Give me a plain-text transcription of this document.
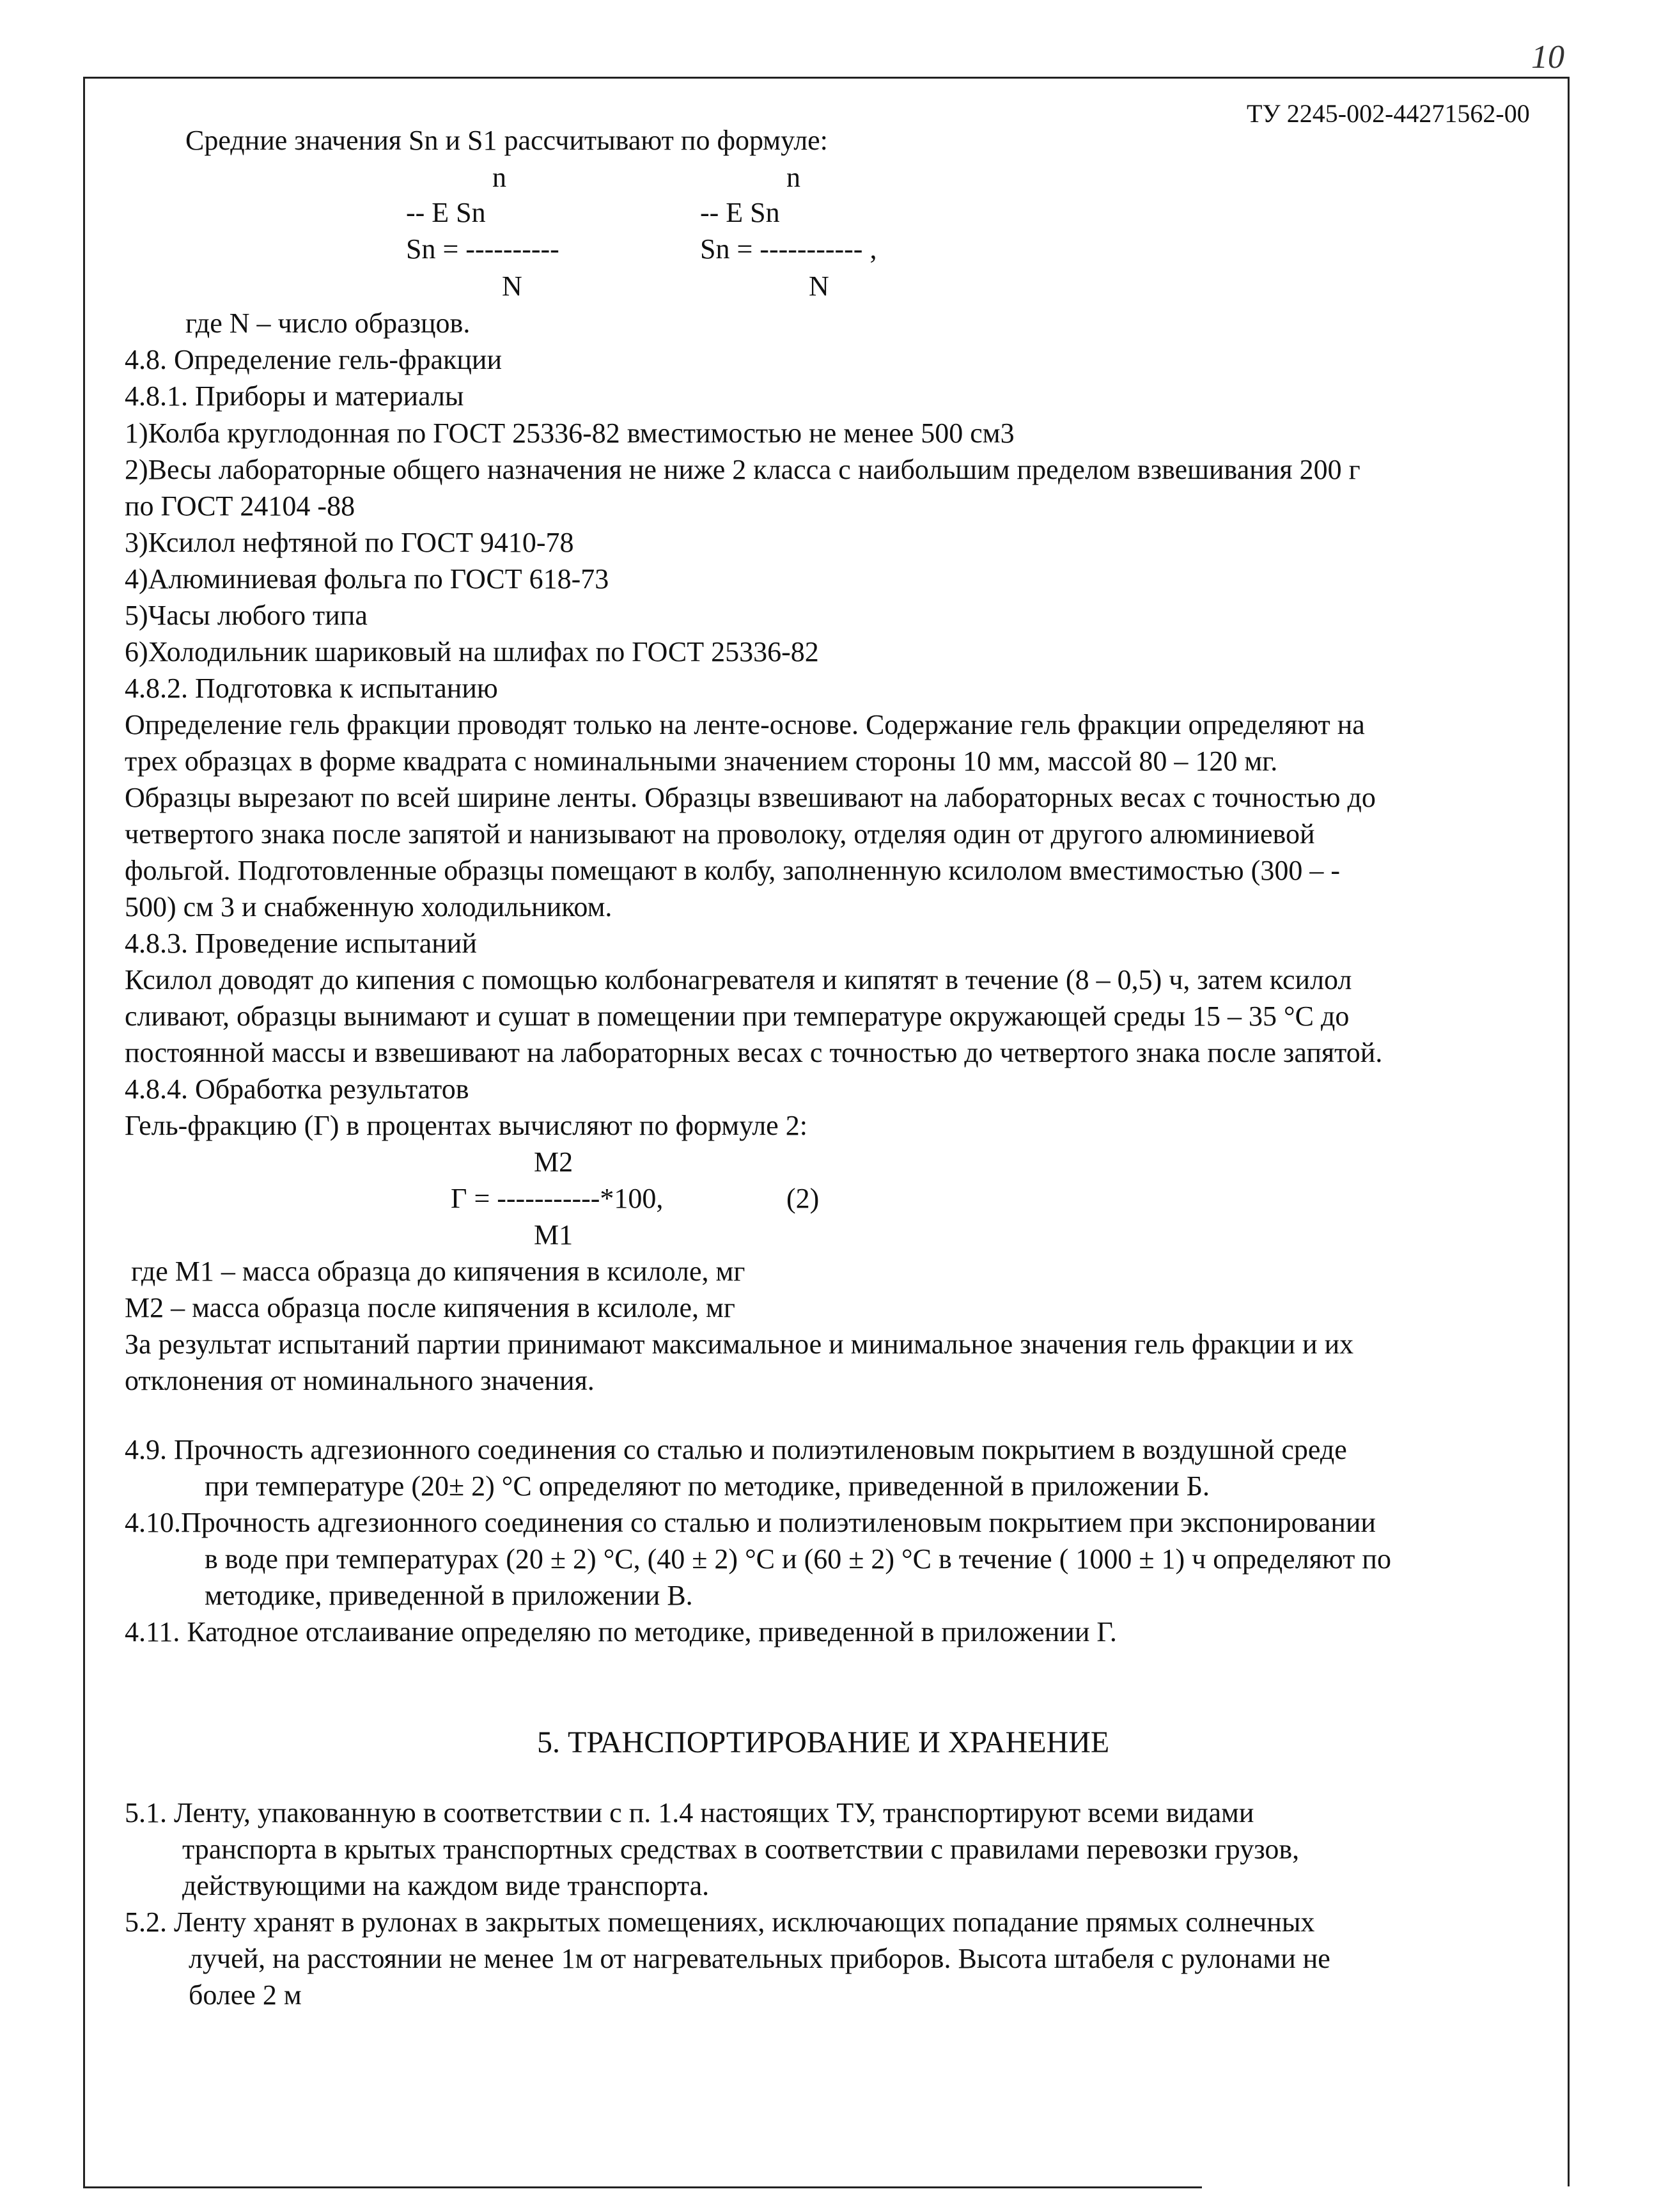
10
ТУ 2245-002-44271562-00
Средние значения Sn и S1 рассчитывают по формуле:
n
-- E Sn
Sn = ----------
N
n
-- E Sn
Sn = ----------- ,
N
где N – число образцов.
4.8. Определение гель-фракции
4.8.1. Приборы и материалы
1)Колба круглодонная по ГОСТ 25336-82 вместимостью не менее 500 см3
2)Весы лабораторные общего назначения не ниже 2 класса с наибольшим пределом взвешивания 200 г
по ГОСТ 24104 -88
3)Ксилол нефтяной по ГОСТ 9410-78
4)Алюминиевая фольга по ГОСТ 618-73
5)Часы любого типа
6)Холодильник шариковый на шлифах по ГОСТ 25336-82
4.8.2. Подготовка к испытанию
Определение гель фракции проводят только на ленте-основе. Содержание гель фракции определяют на
трех образцах в форме квадрата с номинальными значением стороны 10 мм, массой 80 – 120 мг.
Образцы вырезают по всей ширине ленты. Образцы взвешивают на лабораторных весах с точностью до
четвертого знака после запятой и нанизывают на проволоку, отделяя один от другого алюминиевой
фольгой. Подготовленные образцы помещают в колбу, заполненную ксилолом вместимостью (300 – -
500) см 3 и снабженную холодильником.
4.8.3. Проведение испытаний
Ксилол доводят до кипения с помощью колбонагревателя и кипятят в течение (8 – 0,5) ч, затем ксилол
сливают, образцы вынимают и сушат в помещении при температуре окружающей среды 15 – 35 °С до
постоянной массы и взвешивают на лабораторных весах с точностью до четвертого знака после запятой.
4.8.4. Обработка результатов
Гель-фракцию (Г) в процентах вычисляют по формуле 2:
М2
Г = -----------*100,	(2)
М1
где М1 – масса образца до кипячения в ксилоле, мг
М2 – масса образца после кипячения в ксилоле, мг
За результат испытаний партии принимают максимальное и минимальное значения гель фракции и их
отклонения от номинального значения.
4.9. Прочность адгезионного соединения со сталью и полиэтиленовым покрытием в воздушной среде
при температуре (20± 2) °С определяют по методике, приведенной в приложении Б.
4.10.Прочность адгезионного соединения со сталью и полиэтиленовым покрытием при экспонировании
в воде при температурах (20 ± 2) °С, (40 ± 2) °С и (60 ± 2) °С в течение ( 1000 ± 1) ч определяют по
методике, приведенной в приложении В.
4.11. Катодное отслаивание определяю по методике, приведенной в приложении Г.
5. ТРАНСПОРТИРОВАНИЕ И ХРАНЕНИЕ
5.1. Ленту, упакованную в соответствии с п. 1.4 настоящих ТУ, транспортируют всеми видами
транспорта в крытых транспортных средствах в соответствии с правилами перевозки грузов,
действующими на каждом виде транспорта.
5.2. Ленту хранят в рулонах в закрытых помещениях, исключающих попадание прямых солнечных
лучей, на расстоянии не менее 1м от нагревательных приборов. Высота штабеля с рулонами не
более 2 м
